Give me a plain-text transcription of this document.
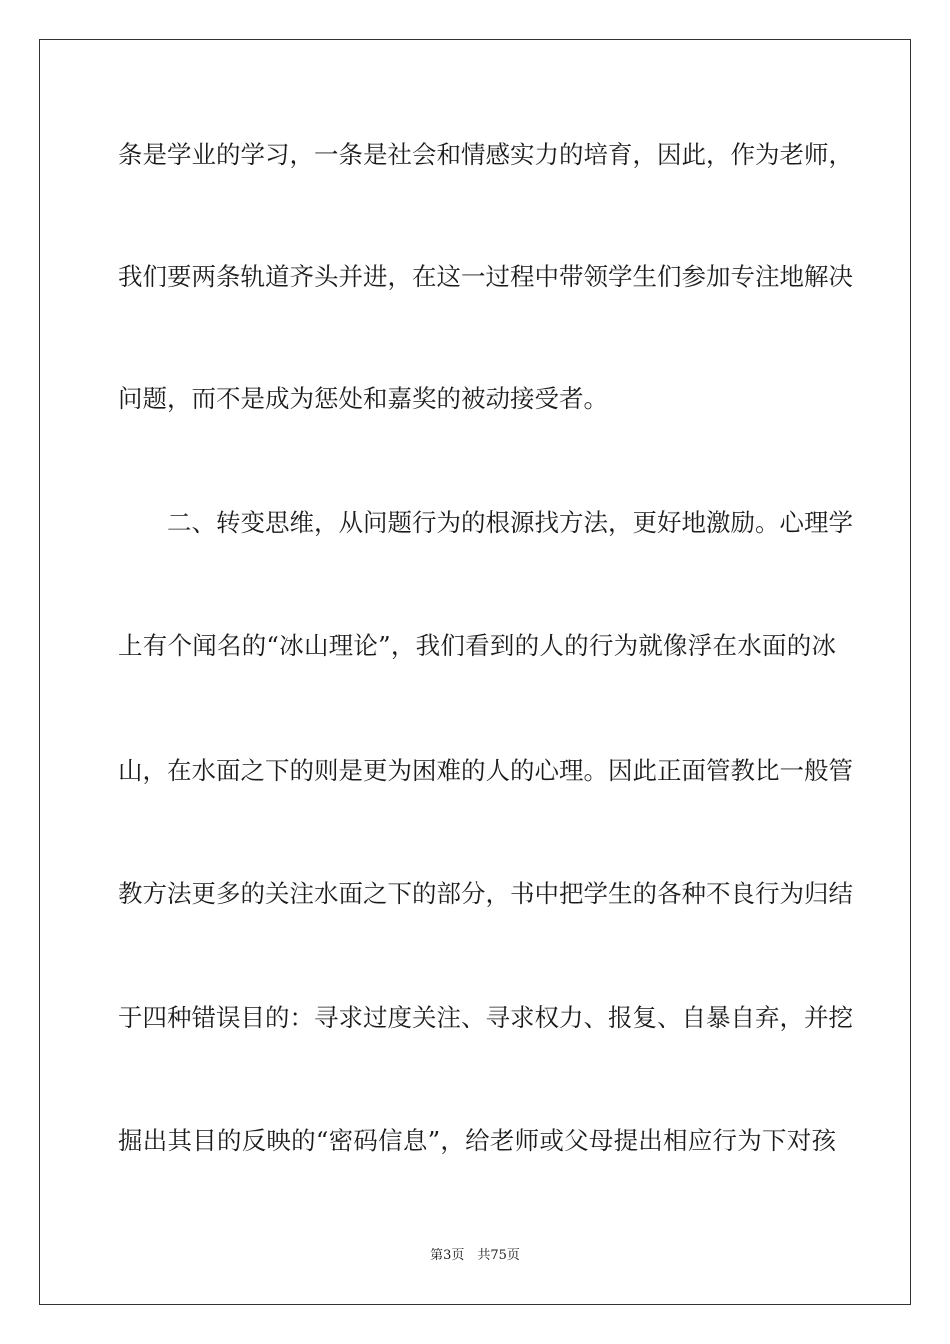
条是学业的学习，一条是社会和情感实力的培育，因此，作为老师，
我们要两条轨道齐头并进，在这一过程中带领学生们参加专注地解决
问题，而不是成为惩处和嘉奖的被动接受者。
　　二、转变思维，从问题行为的根源找方法，更好地激励。心理学
上有个闻名的“冰山理论”，我们看到的人的行为就像浮在水面的冰
山，在水面之下的则是更为困难的人的心理。因此正面管教比一般管
教方法更多的关注水面之下的部分，书中把学生的各种不良行为归结
于四种错误目的：寻求过度关注、寻求权力、报复、自暴自弃，并挖
掘出其目的反映的“密码信息”，给老师或父母提出相应行为下对孩
第3页　共75页
